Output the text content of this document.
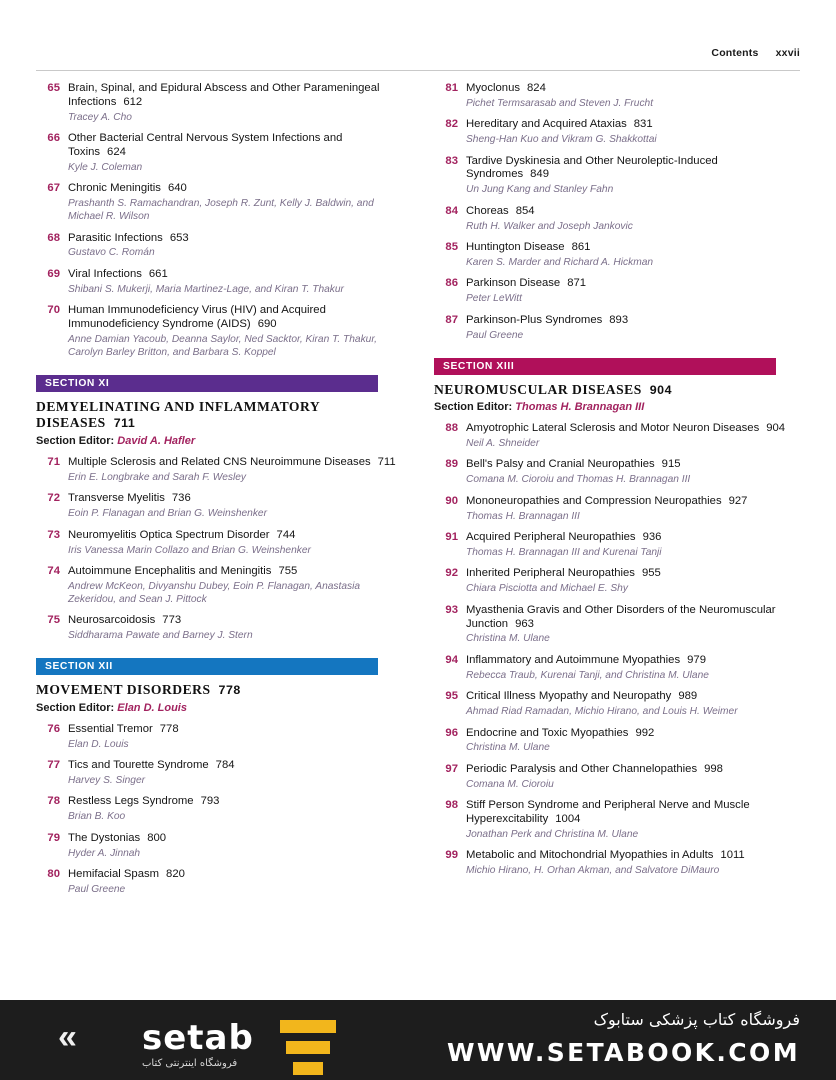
Contents xxvii
65 Brain, Spinal, and Epidural Abscess and Other Parameningeal Infections 612
Tracey A. Cho
66 Other Bacterial Central Nervous System Infections and Toxins 624
Kyle J. Coleman
67 Chronic Meningitis 640
Prashanth S. Ramachandran, Joseph R. Zunt, Kelly J. Baldwin, and Michael R. Wilson
68 Parasitic Infections 653
Gustavo C. Román
69 Viral Infections 661
Shibani S. Mukerji, Maria Martinez-Lage, and Kiran T. Thakur
70 Human Immunodeficiency Virus (HIV) and Acquired Immunodeficiency Syndrome (AIDS) 690
Anne Damian Yacoub, Deanna Saylor, Ned Sacktor, Kiran T. Thakur, Carolyn Barley Britton, and Barbara S. Koppel
SECTION XI
DEMYELINATING AND INFLAMMATORY DISEASES 711
Section Editor: David A. Hafler
71 Multiple Sclerosis and Related CNS Neuroimmune Diseases 711
Erin E. Longbrake and Sarah F. Wesley
72 Transverse Myelitis 736
Eoin P. Flanagan and Brian G. Weinshenker
73 Neuromyelitis Optica Spectrum Disorder 744
Iris Vanessa Marin Collazo and Brian G. Weinshenker
74 Autoimmune Encephalitis and Meningitis 755
Andrew McKeon, Divyanshu Dubey, Eoin P. Flanagan, Anastasia Zekeridou, and Sean J. Pittock
75 Neurosarcoidosis 773
Siddharama Pawate and Barney J. Stern
SECTION XII
MOVEMENT DISORDERS 778
Section Editor: Elan D. Louis
76 Essential Tremor 778
Elan D. Louis
77 Tics and Tourette Syndrome 784
Harvey S. Singer
78 Restless Legs Syndrome 793
Brian B. Koo
79 The Dystonias 800
Hyder A. Jinnah
80 Hemifacial Spasm 820
Paul Greene
81 Myoclonus 824
Pichet Termsarasab and Steven J. Frucht
82 Hereditary and Acquired Ataxias 831
Sheng-Han Kuo and Vikram G. Shakkottai
83 Tardive Dyskinesia and Other Neuroleptic-Induced Syndromes 849
Un Jung Kang and Stanley Fahn
84 Choreas 854
Ruth H. Walker and Joseph Jankovic
85 Huntington Disease 861
Karen S. Marder and Richard A. Hickman
86 Parkinson Disease 871
Peter LeWitt
87 Parkinson-Plus Syndromes 893
Paul Greene
SECTION XIII
NEUROMUSCULAR DISEASES 904
Section Editor: Thomas H. Brannagan III
88 Amyotrophic Lateral Sclerosis and Motor Neuron Diseases 904
Neil A. Shneider
89 Bell's Palsy and Cranial Neuropathies 915
Comana M. Cioroiu and Thomas H. Brannagan III
90 Mononeuropathies and Compression Neuropathies 927
Thomas H. Brannagan III
91 Acquired Peripheral Neuropathies 936
Thomas H. Brannagan III and Kurenai Tanji
92 Inherited Peripheral Neuropathies 955
Chiara Pisciotta and Michael E. Shy
93 Myasthenia Gravis and Other Disorders of the Neuromuscular Junction 963
Christina M. Ulane
94 Inflammatory and Autoimmune Myopathies 979
Rebecca Traub, Kurenai Tanji, and Christina M. Ulane
95 Critical Illness Myopathy and Neuropathy 989
Ahmad Riad Ramadan, Michio Hirano, and Louis H. Weimer
96 Endocrine and Toxic Myopathies 992
Christina M. Ulane
97 Periodic Paralysis and Other Channelopathies 998
Comana M. Cioroiu
98 Stiff Person Syndrome and Peripheral Nerve and Muscle Hyperexcitability 1004
Jonathan Perk and Christina M. Ulane
99 Metabolic and Mitochondrial Myopathies in Adults 1011
Michio Hirano, H. Orhan Akman, and Salvatore DiMauro
« setab
فروشگاه اینترنتی کتاب
فروشگاه کتاب پزشکی ستابوک
WWW.SETABOOK.COM
